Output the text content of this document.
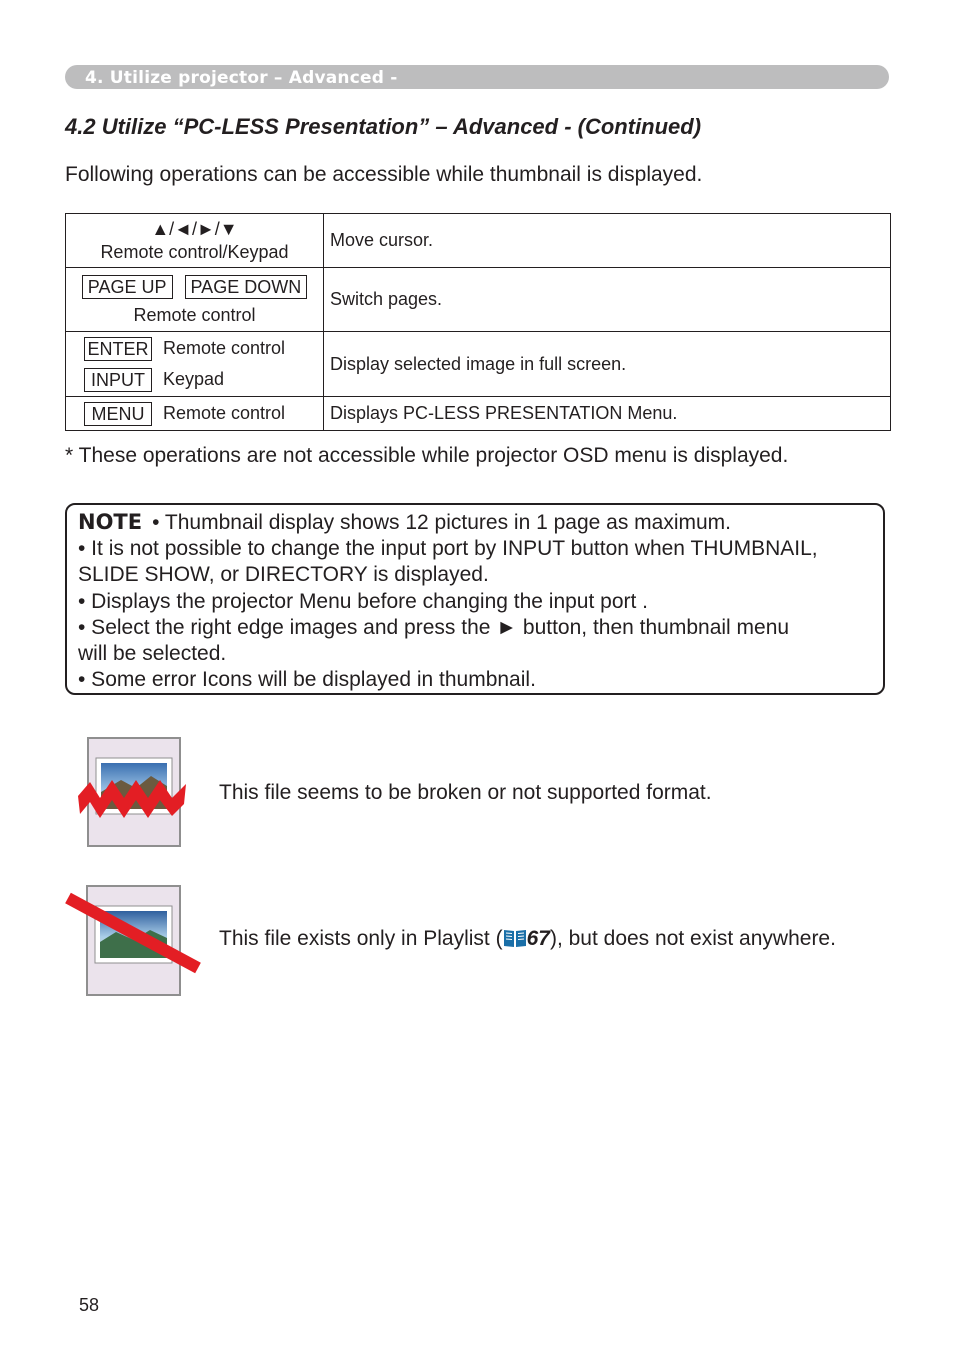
4. Utilize projector – Advanced -
4.2 Utilize “PC-LESS Presentation” – Advanced - (Continued)
Following operations can be accessible while thumbnail is displayed.
▲/◄/►/▼
Remote control/Keypad	Move cursor.

PAGE UP PAGE DOWN
Remote control	Switch pages.

ENTER Remote control
INPUT Keypad	Display selected image in full screen.

MENU Remote control	Displays PC-LESS PRESENTATION Menu.
* These operations are not accessible while projector OSD menu is displayed.
NOTE • Thumbnail display shows 12 pictures in 1 page as maximum.
• It is not possible to change the input port by INPUT button when THUMBNAIL,
SLIDE SHOW, or DIRECTORY is displayed.
• Displays the projector Menu before changing the input port .
• Select the right edge images and press the ► button, then thumbnail menu
will be selected.
• Some error Icons will be displayed in thumbnail.
This file seems to be broken or not supported format.
This file exists only in Playlist ( 67), but does not exist anywhere.
58
